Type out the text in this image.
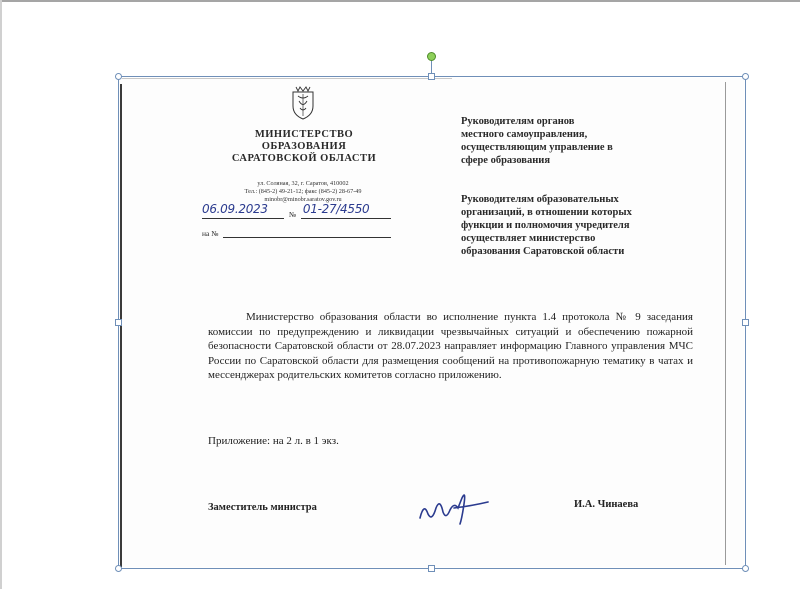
МИНИСТЕРСТВО
ОБРАЗОВАНИЯ
САРАТОВСКОЙ ОБЛАСТИ
ул. Соляная, 32, г. Саратов, 410002
Тел.: (845-2) 49-21-12; факс (845-2) 28-67-49
minobr@minobr.saratov.gov.ru
06.09.2023	№ 01-27/4550
на №
Руководителям органов
местного самоуправления,
осуществляющим управление в
сфере образования
Руководителям образовательных
организаций, в отношении которых
функции и полномочия учредителя
осуществляет министерство
образования Саратовской области
Министерство образования области во исполнение пункта 1.4 протокола № 9 заседания комиссии по предупреждению и ликвидации чрезвычайных ситуаций и обеспечению пожарной безопасности Саратовской области от 28.07.2023 направляет информацию Главного управления МЧС России по Саратовской области для размещения сообщений на противопожарную тематику в чатах и мессенджерах родительских комитетов согласно приложению.
Приложение: на 2 л. в 1 экз.
Заместитель министра	И.А. Чинаева
